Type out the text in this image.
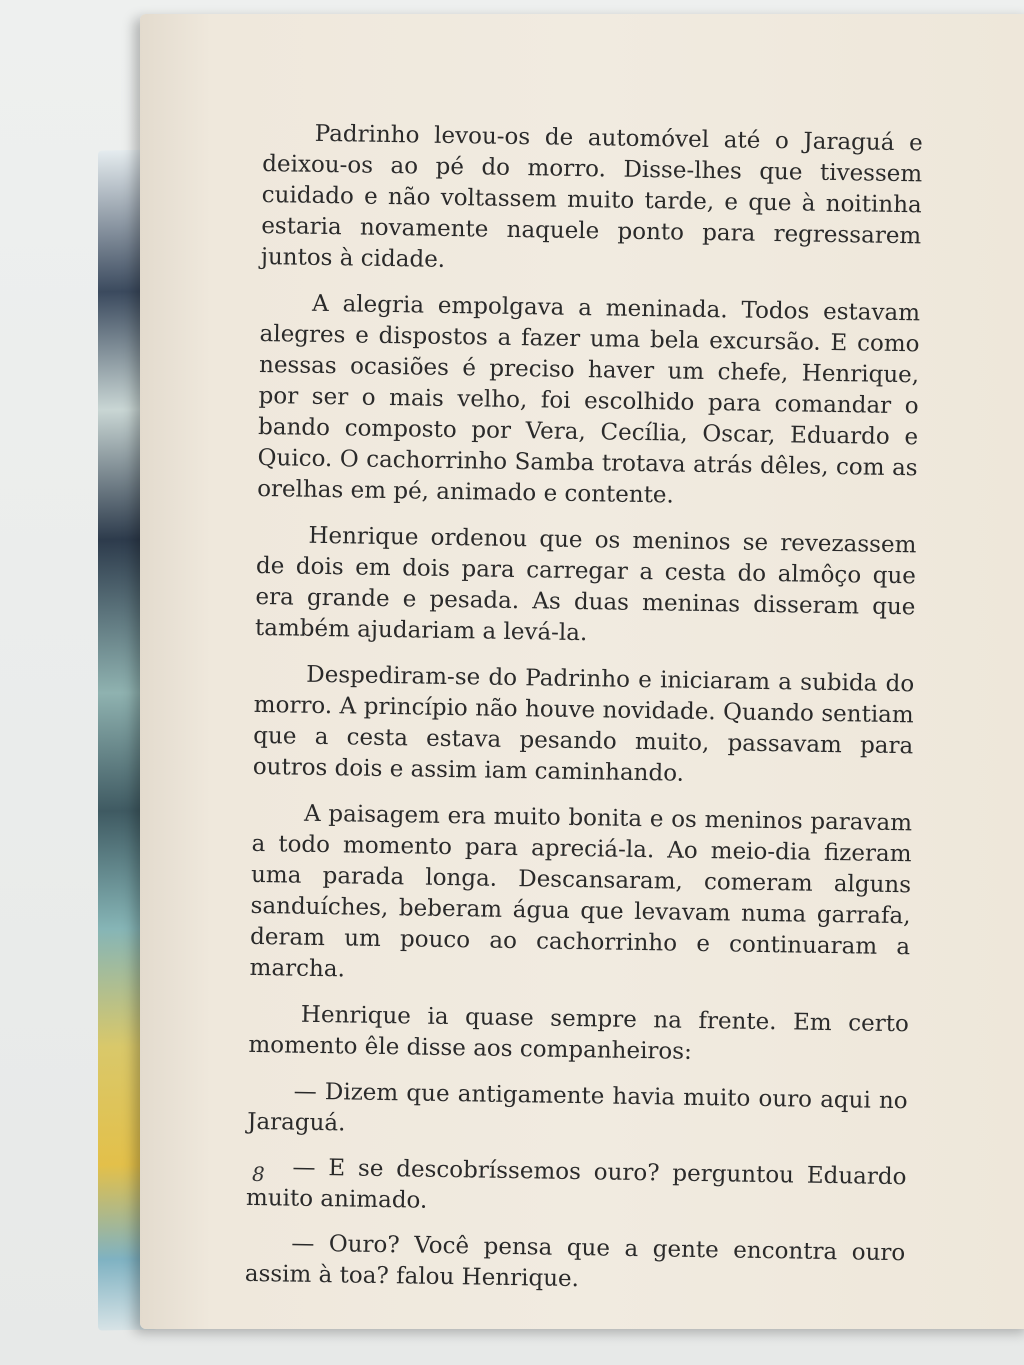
Padrinho levou-os de automóvel até o Jaraguá e deixou-os ao pé do morro. Disse-lhes que tivessem cuidado e não voltassem muito tarde, e que à noitinha estaria novamente naquele ponto para regressarem juntos à cidade.

A alegria empolgava a meninada. Todos estavam alegres e dispostos a fazer uma bela excursão. E como nessas ocasiões é preciso haver um chefe, Henrique, por ser o mais velho, foi escolhido para comandar o bando composto por Vera, Cecília, Oscar, Eduardo e Quico. O cachorrinho Samba trotava atrás dêles, com as orelhas em pé, animado e contente.

Henrique ordenou que os meninos se revezassem de dois em dois para carregar a cesta do almôço que era grande e pesada. As duas meninas disseram que também ajudariam a levá-la.

Despediram-se do Padrinho e iniciaram a subida do morro. A princípio não houve novidade. Quando sentiam que a cesta estava pesando muito, passavam para outros dois e assim iam caminhando.

A paisagem era muito bonita e os meninos paravam a todo momento para apreciá-la. Ao meio-dia fizeram uma parada longa. Descansaram, comeram alguns sanduíches, beberam água que levavam numa garrafa, deram um pouco ao cachorrinho e continuaram a marcha.

Henrique ia quase sempre na frente. Em certo momento êle disse aos companheiros:

— Dizem que antigamente havia muito ouro aqui no Jaraguá.

— E se descobríssemos ouro? perguntou Eduardo muito animado.

— Ouro? Você pensa que a gente encontra ouro assim à toa? falou Henrique.

8
